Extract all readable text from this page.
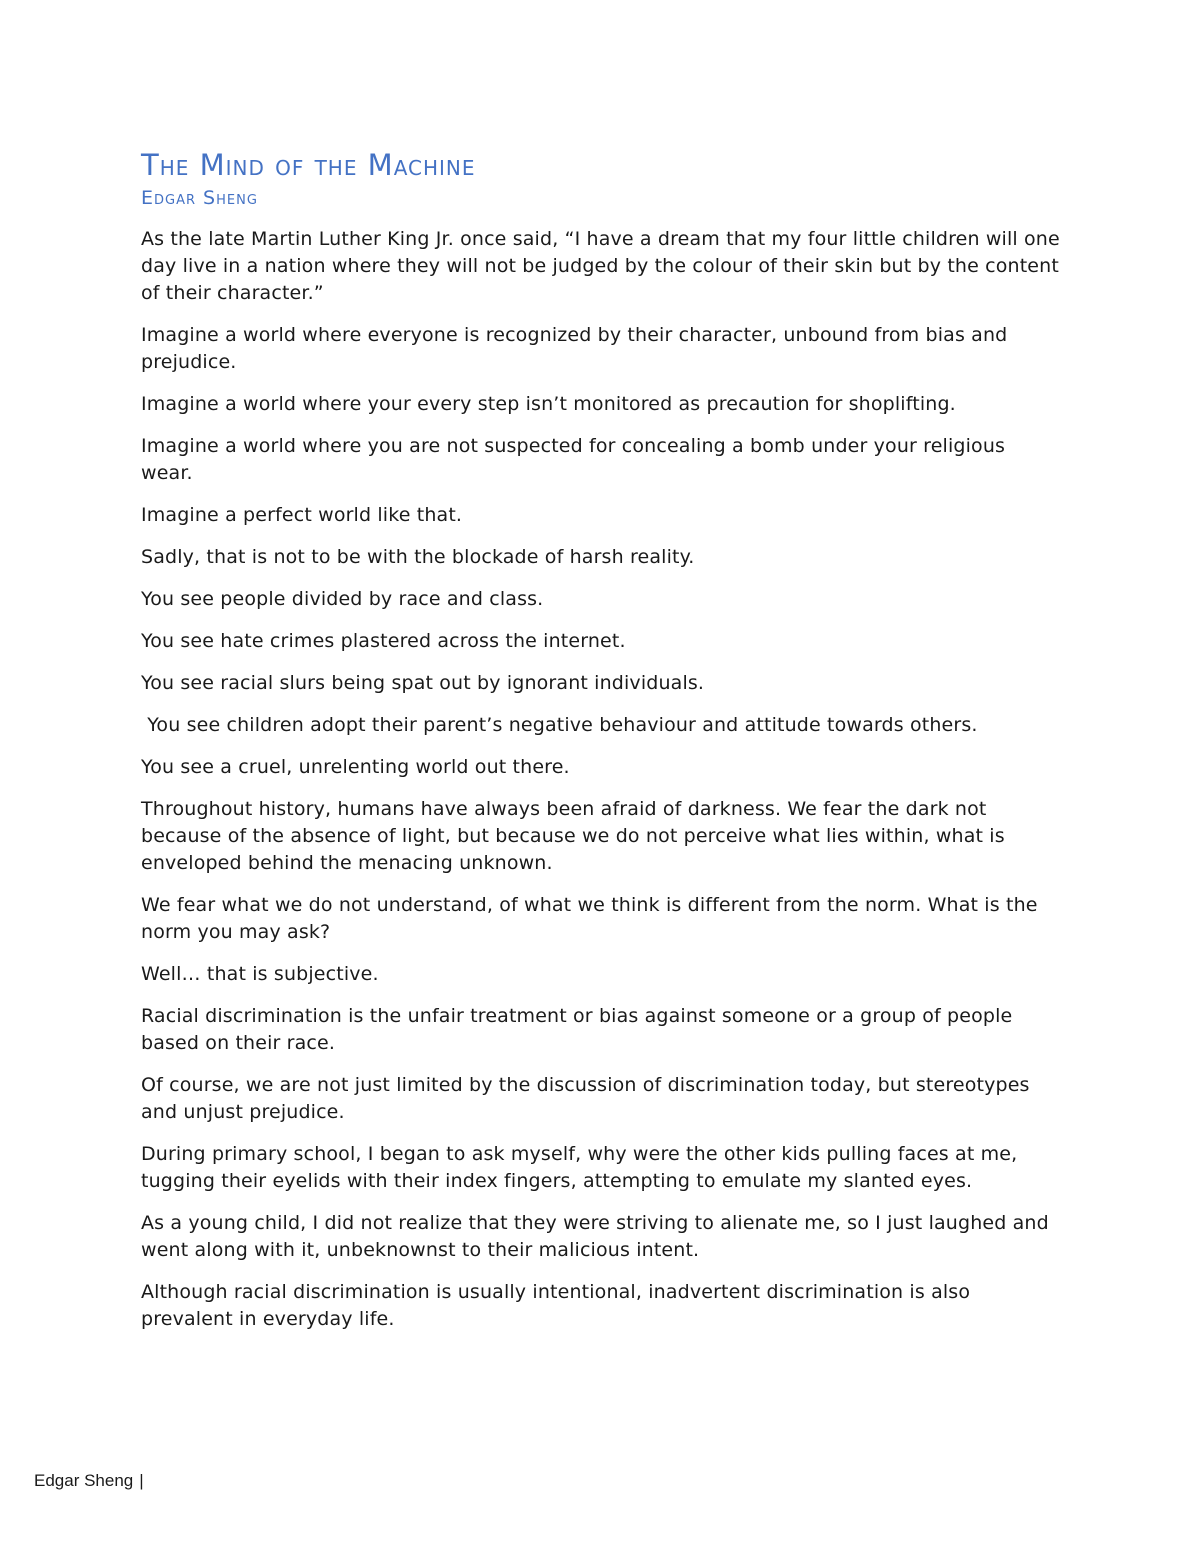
The Mind of the Machine
Edgar Sheng

As the late Martin Luther King Jr. once said, “I have a dream that my four little children will one day live in a nation where they will not be judged by the colour of their skin but by the content of their character.”

Imagine a world where everyone is recognized by their character, unbound from bias and prejudice.

Imagine a world where your every step isn’t monitored as precaution for shoplifting.

Imagine a world where you are not suspected for concealing a bomb under your religious wear.

Imagine a perfect world like that.

Sadly, that is not to be with the blockade of harsh reality.

You see people divided by race and class.

You see hate crimes plastered across the internet.

You see racial slurs being spat out by ignorant individuals.

You see children adopt their parent’s negative behaviour and attitude towards others.

You see a cruel, unrelenting world out there.

Throughout history, humans have always been afraid of darkness. We fear the dark not because of the absence of light, but because we do not perceive what lies within, what is enveloped behind the menacing unknown.

We fear what we do not understand, of what we think is different from the norm. What is the norm you may ask?

Well… that is subjective.

Racial discrimination is the unfair treatment or bias against someone or a group of people based on their race.

Of course, we are not just limited by the discussion of discrimination today, but stereotypes and unjust prejudice.

During primary school, I began to ask myself, why were the other kids pulling faces at me, tugging their eyelids with their index fingers, attempting to emulate my slanted eyes.

As a young child, I did not realize that they were striving to alienate me, so I just laughed and went along with it, unbeknownst to their malicious intent.

Although racial discrimination is usually intentional, inadvertent discrimination is also prevalent in everyday life.

Edgar Sheng |
